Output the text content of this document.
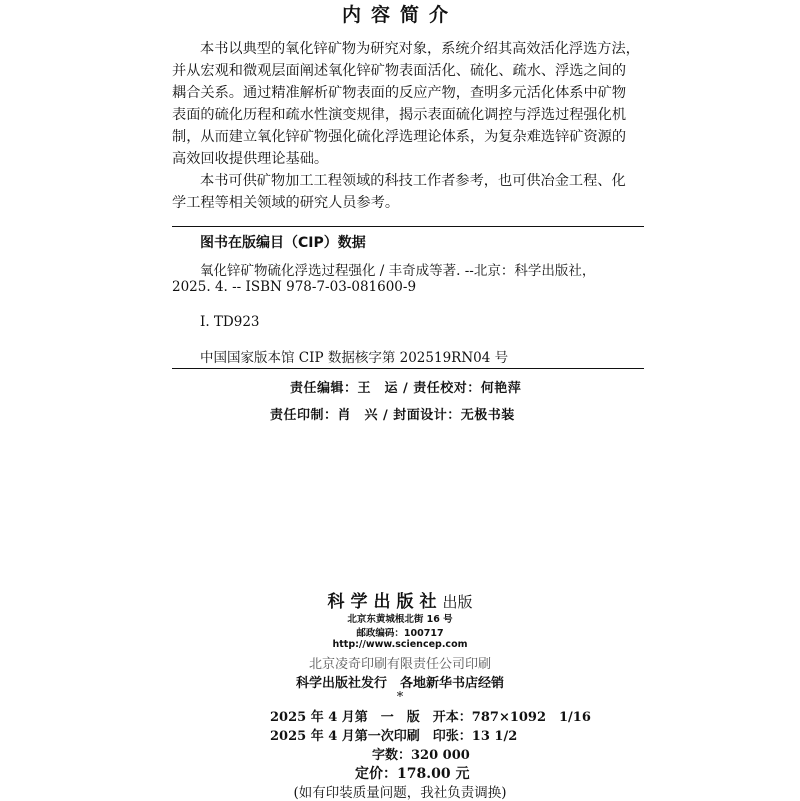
内容简介
本书以典型的氧化锌矿物为研究对象，系统介绍其高效活化浮选方法，
并从宏观和微观层面阐述氧化锌矿物表面活化、硫化、疏水、浮选之间的
耦合关系。通过精准解析矿物表面的反应产物，查明多元活化体系中矿物
表面的硫化历程和疏水性演变规律，揭示表面硫化调控与浮选过程强化机
制，从而建立氧化锌矿物强化硫化浮选理论体系，为复杂难选锌矿资源的
高效回收提供理论基础。
本书可供矿物加工工程领域的科技工作者参考，也可供冶金工程、化
学工程等相关领域的研究人员参考。
图书在版编目（CIP）数据
氧化锌矿物硫化浮选过程强化 / 丰奇成等著. --北京：科学出版社，
2025. 4. -- ISBN 978-7-03-081600-9
Ⅰ. TD923
中国国家版本馆 CIP 数据核字第 202519RN04 号
责任编辑：王　运 / 责任校对：何艳萍
责任印制：肖　兴 / 封面设计：无极书装
科学出版社出版
北京东黄城根北街 16 号
邮政编码：100717
http://www.sciencep.com
北京凌奇印刷有限责任公司印刷
科学出版社发行　各地新华书店经销
*
2025 年 4 月第　一　版　开本：787×1092　1/16
2025 年 4 月第一次印刷　印张：13 1/2
字数：320 000
定价：178.00 元
(如有印装质量问题，我社负责调换)
